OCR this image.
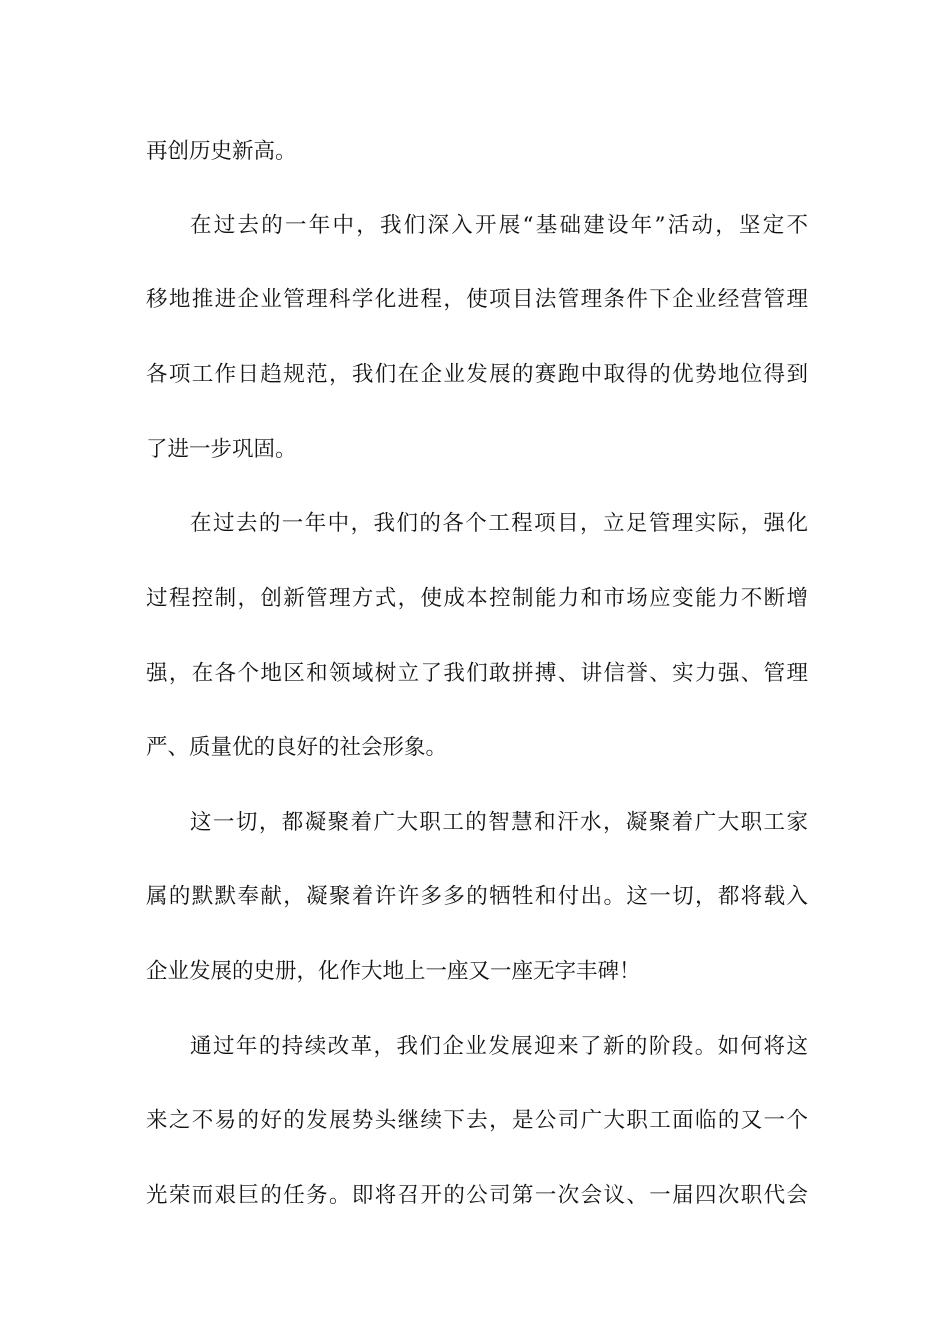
再创历史新高。
在过去的一年中，我们深入开展“基础建设年”活动，坚定不
移地推进企业管理科学化进程，使项目法管理条件下企业经营管理
各项工作日趋规范，我们在企业发展的赛跑中取得的优势地位得到
了进一步巩固。
在过去的一年中，我们的各个工程项目，立足管理实际，强化
过程控制，创新管理方式，使成本控制能力和市场应变能力不断增
强，在各个地区和领域树立了我们敢拼搏、讲信誉、实力强、管理
严、质量优的良好的社会形象。
这一切，都凝聚着广大职工的智慧和汗水，凝聚着广大职工家
属的默默奉献，凝聚着许许多多的牺牲和付出。这一切，都将载入
企业发展的史册，化作大地上一座又一座无字丰碑！
通过年的持续改革，我们企业发展迎来了新的阶段。如何将这
来之不易的好的发展势头继续下去，是公司广大职工面临的又一个
光荣而艰巨的任务。即将召开的公司第一次会议、一届四次职代会
